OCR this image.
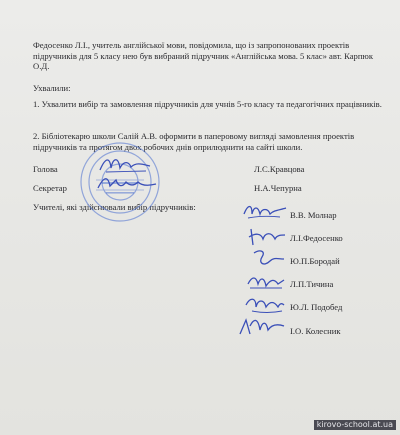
Федосенко Л.І., учитель англійської мови, повідомила, що із запропонованих проектів підручників для 5 класу нею був вибраний підручник «Англійська мова. 5 клас» авт. Карпюк О.Д.
Ухвалили:
1. Ухвалити вибір та замовлення підручників для учнів 5-го класу та педагогічних працівників.
2. Бібліотекарю школи Салій А.В. оформити в паперовому вигляді замовлення проектів підручників та протягом двох робочих днів оприлюднити на сайті школи.
Голова	Л.С.Кравцова
Секретар	Н.А.Чепурна
Учителі, які здійснювали вибір підручників:
В.В. Молнар
Л.І.Федосенко
Ю.П.Бородай
Л.П.Тичина
Ю.Л. Подобед
І.О. Колесник
kirovo-school.at.ua
